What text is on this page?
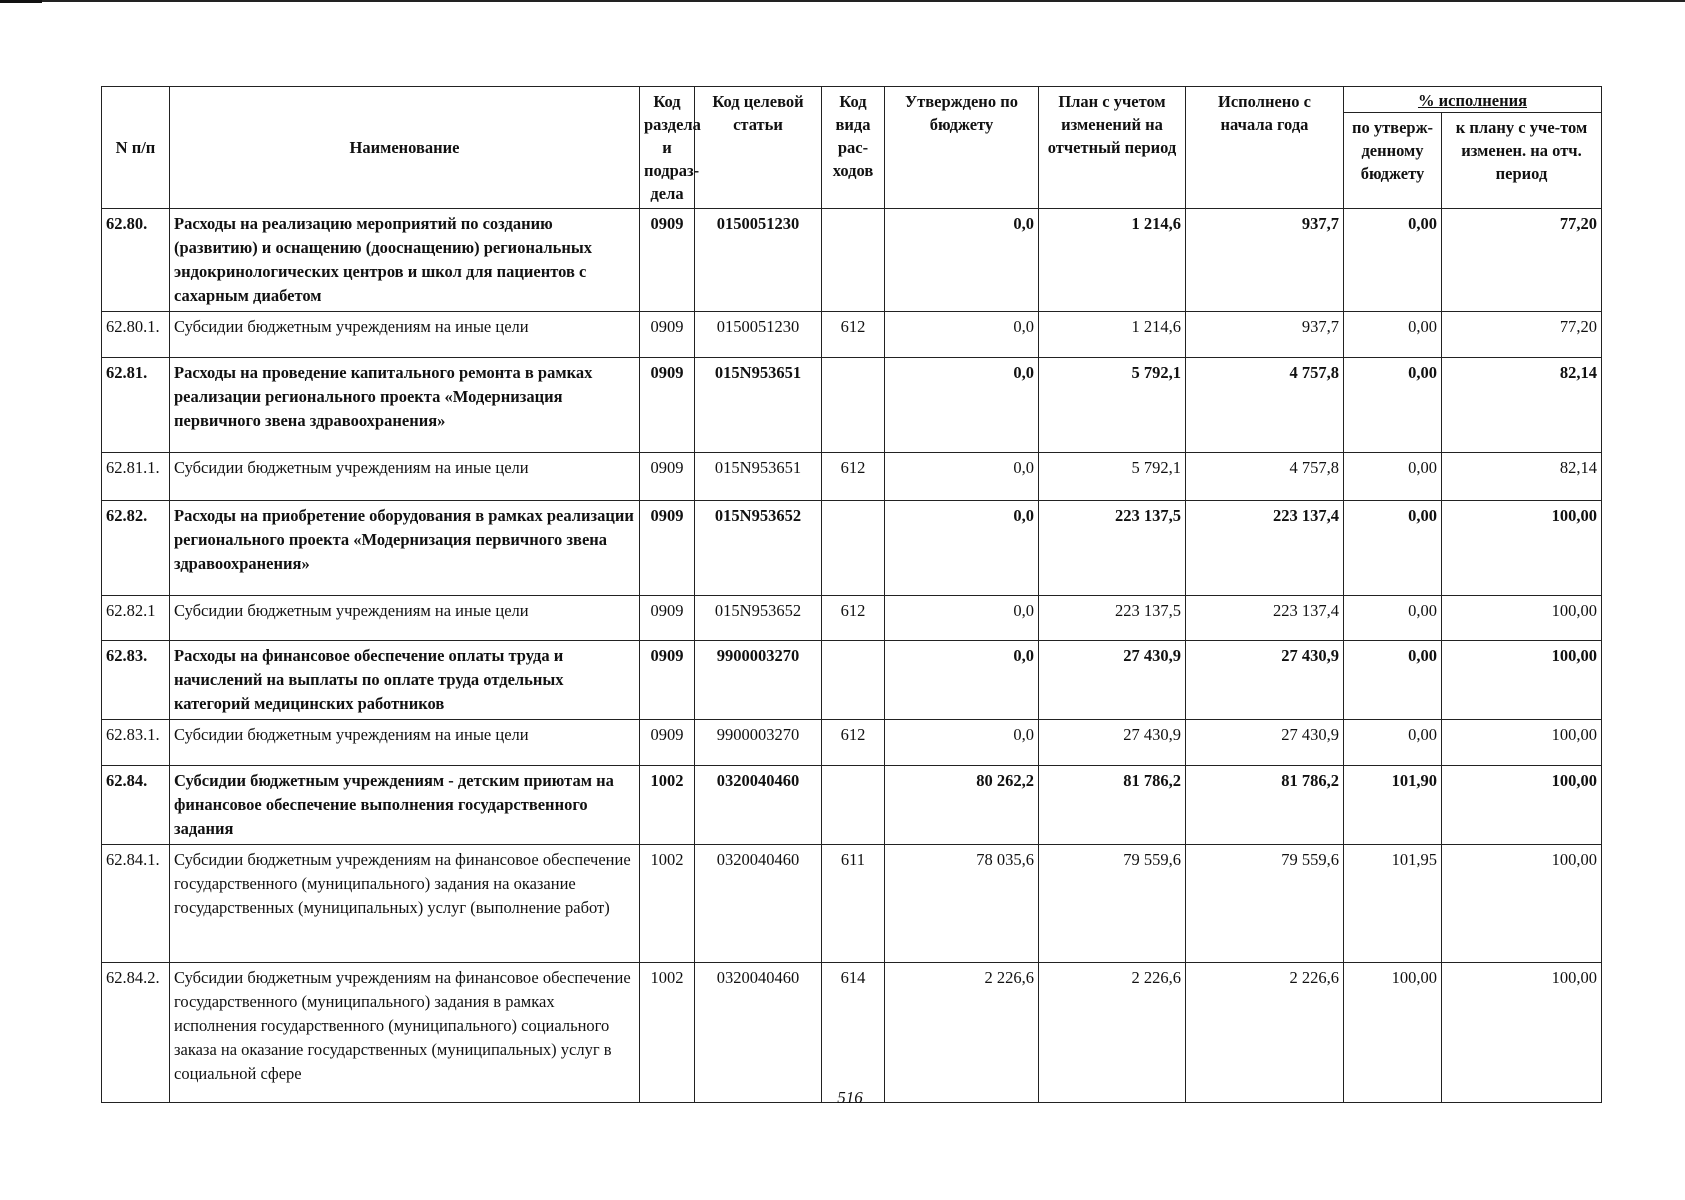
N п/п	Наименование	Код раздела и подраз-дела	Код целевой статьи	Код вида рас-ходов	Утверждено по бюджету	План с учетом изменений на отчетный период	Исполнено с начала года	% исполнения	
								по утверж-денному бюджету	к плану с уче-том изменен. на отч. период
62.80.	Расходы на реализацию мероприятий по созданию (развитию) и оснащению (дооснащению) региональных эндокринологических центров и школ для пациентов с сахарным диабетом	0909	0150051230		0,0	1 214,6	937,7	0,00	77,20
62.80.1.	Субсидии бюджетным учреждениям на иные цели	0909	0150051230	612	0,0	1 214,6	937,7	0,00	77,20
62.81.	Расходы на проведение капитального ремонта в рамках реализации регионального проекта «Модернизация первичного звена здравоохранения»	0909	015N953651		0,0	5 792,1	4 757,8	0,00	82,14
62.81.1.	Субсидии бюджетным учреждениям на иные цели	0909	015N953651	612	0,0	5 792,1	4 757,8	0,00	82,14
62.82.	Расходы на приобретение оборудования в рамках реализации регионального проекта «Модернизация первичного звена здравоохранения»	0909	015N953652		0,0	223 137,5	223 137,4	0,00	100,00
62.82.1	Субсидии бюджетным учреждениям на иные цели	0909	015N953652	612	0,0	223 137,5	223 137,4	0,00	100,00
62.83.	Расходы на финансовое обеспечение оплаты труда и начислений на выплаты по оплате труда отдельных категорий медицинских работников	0909	9900003270		0,0	27 430,9	27 430,9	0,00	100,00
62.83.1.	Субсидии бюджетным учреждениям на иные цели	0909	9900003270	612	0,0	27 430,9	27 430,9	0,00	100,00
62.84.	Субсидии бюджетным учреждениям - детским приютам на финансовое обеспечение выполнения государственного задания	1002	0320040460		80 262,2	81 786,2	81 786,2	101,90	100,00
62.84.1.	Субсидии бюджетным учреждениям на финансовое обеспечение государственного (муниципального) задания на оказание государственных (муниципальных) услуг (выполнение работ)	1002	0320040460	611	78 035,6	79 559,6	79 559,6	101,95	100,00
62.84.2.	Субсидии бюджетным учреждениям на финансовое обеспечение государственного (муниципального) задания в рамках исполнения государственного (муниципального) социального заказа на оказание государственных (муниципальных) услуг в социальной сфере	1002	0320040460	614	2 226,6	2 226,6	2 226,6	100,00	100,00
516
